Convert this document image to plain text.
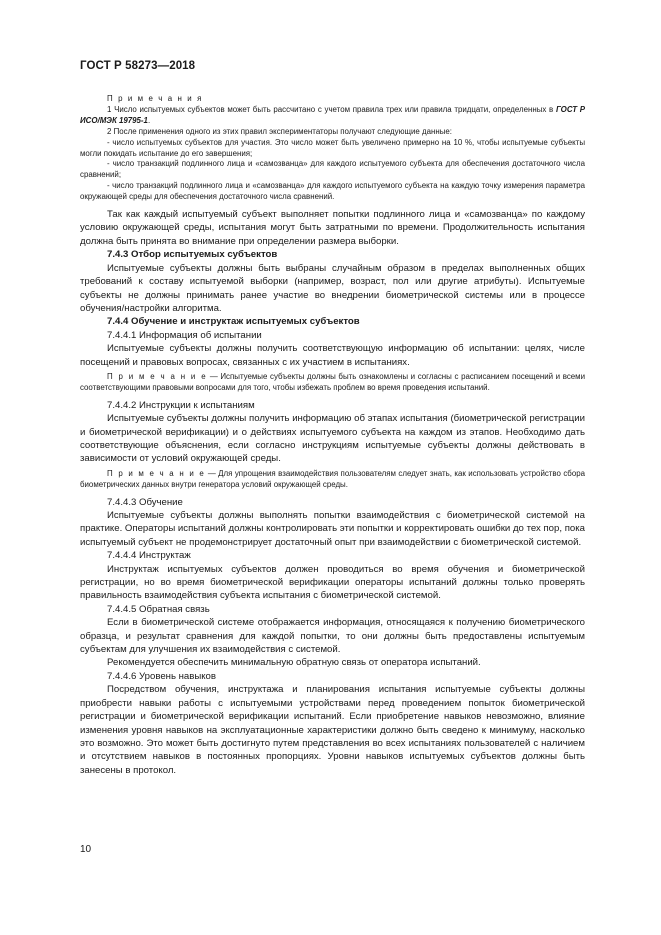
ГОСТ Р 58273—2018

П р и м е ч а н и я

1 Число испытуемых субъектов может быть рассчитано с учетом правила трех или правила тридцати, определенных в ГОСТ Р ИСО/МЭК 19795-1.

2 После применения одного из этих правил экспериментаторы получают следующие данные:

- число испытуемых субъектов для участия. Это число может быть увеличено примерно на 10 %, чтобы испытуемые субъекты могли покидать испытание до его завершения;

- число транзакций подлинного лица и «самозванца» для каждого испытуемого субъекта для обеспечения достаточного числа сравнений;

- число транзакций подлинного лица и «самозванца» для каждого испытуемого субъекта на каждую точку измерения параметра окружающей среды для обеспечения достаточного числа сравнений.

Так как каждый испытуемый субъект выполняет попытки подлинного лица и «самозванца» по каждому условию окружающей среды, испытания могут быть затратными по времени. Продолжительность испытания должна быть принята во внимание при определении размера выборки.

7.4.3 Отбор испытуемых субъектов

Испытуемые субъекты должны быть выбраны случайным образом в пределах выполненных общих требований к составу испытуемой выборки (например, возраст, пол или другие атрибуты). Испытуемые субъекты не должны принимать ранее участие во внедрении биометрической системы или в процессе обучения/настройки алгоритма.

7.4.4 Обучение и инструктаж испытуемых субъектов

7.4.4.1 Информация об испытании

Испытуемые субъекты должны получить соответствующую информацию об испытании: целях, числе посещений и правовых вопросах, связанных с их участием в испытаниях.

П р и м е ч а н и е — Испытуемые субъекты должны быть ознакомлены и согласны с расписанием посещений и всеми соответствующими правовыми вопросами для того, чтобы избежать проблем во время проведения испытаний.

7.4.4.2 Инструкции к испытаниям

Испытуемые субъекты должны получить информацию об этапах испытания (биометрической регистрации и биометрической верификации) и о действиях испытуемого субъекта на каждом из этапов. Необходимо дать соответствующие объяснения, если согласно инструкциям испытуемые субъекты должны действовать в зависимости от условий окружающей среды.

П р и м е ч а н и е — Для упрощения взаимодействия пользователям следует знать, как использовать устройство сбора биометрических данных внутри генератора условий окружающей среды.

7.4.4.3 Обучение

Испытуемые субъекты должны выполнять попытки взаимодействия с биометрической системой на практике. Операторы испытаний должны контролировать эти попытки и корректировать ошибки до тех пор, пока испытуемый субъект не продемонстрирует достаточный опыт при взаимодействии с биометрической системой.

7.4.4.4 Инструктаж

Инструктаж испытуемых субъектов должен проводиться во время обучения и биометрической регистрации, но во время биометрической верификации операторы испытаний должны только проверять правильность взаимодействия субъекта испытания с биометрической системой.

7.4.4.5 Обратная связь

Если в биометрической системе отображается информация, относящаяся к получению биометрического образца, и результат сравнения для каждой попытки, то они должны быть предоставлены испытуемым субъектам для улучшения их взаимодействия с системой.

Рекомендуется обеспечить минимальную обратную связь от оператора испытаний.

7.4.4.6 Уровень навыков

Посредством обучения, инструктажа и планирования испытания испытуемые субъекты должны приобрести навыки работы с испытуемыми устройствами перед проведением попыток биометрической регистрации и биометрической верификации испытаний. Если приобретение навыков невозможно, влияние изменения уровня навыков на эксплуатационные характеристики должно быть сведено к минимуму, насколько это возможно. Это может быть достигнуто путем представления во всех испытаниях пользователей с наличием и отсутствием навыков в постоянных пропорциях. Уровни навыков испытуемых субъектов должны быть занесены в протокол.

10
